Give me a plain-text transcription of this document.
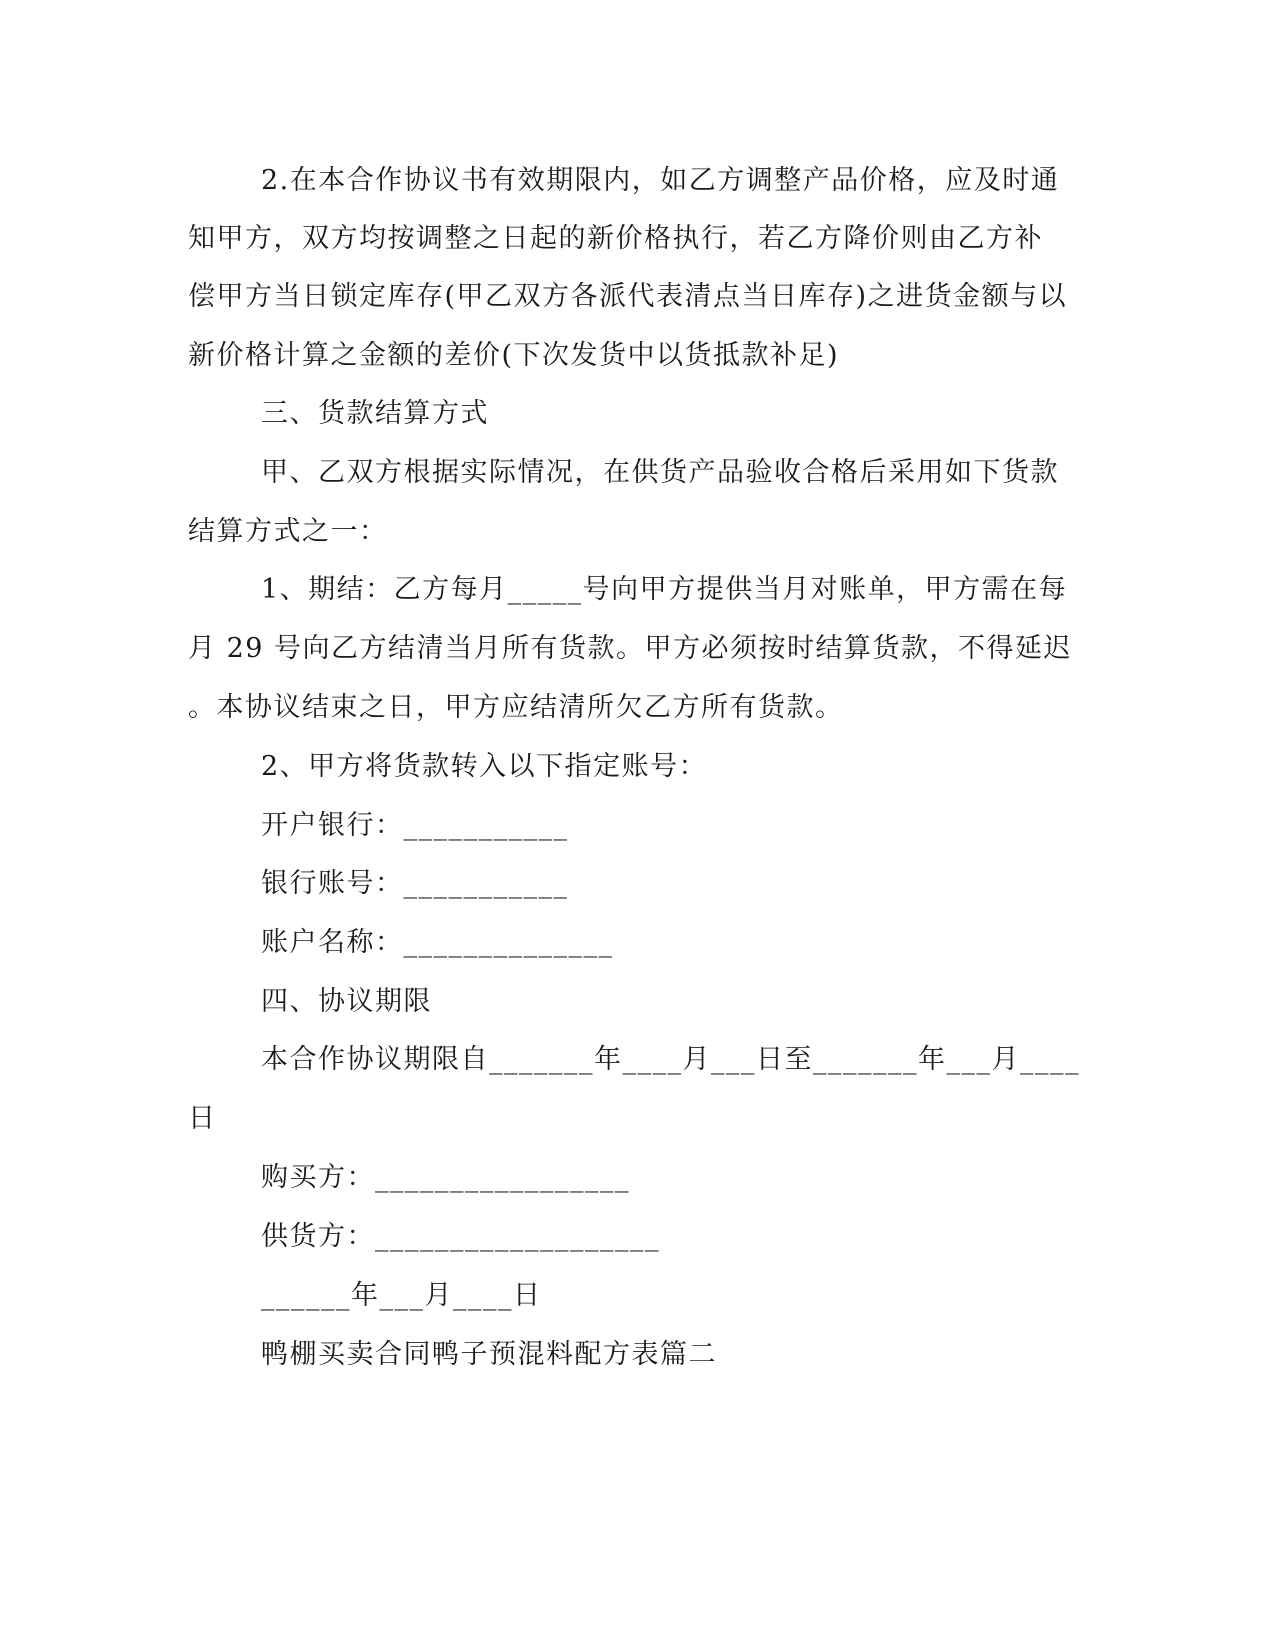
2.在本合作协议书有效期限内，如乙方调整产品价格，应及时通
知甲方，双方均按调整之日起的新价格执行，若乙方降价则由乙方补
偿甲方当日锁定库存(甲乙双方各派代表清点当日库存)之进货金额与以
新价格计算之金额的差价(下次发货中以货抵款补足)
三、货款结算方式
甲、乙双方根据实际情况，在供货产品验收合格后采用如下货款
结算方式之一：
1、期结：乙方每月_____号向甲方提供当月对账单，甲方需在每
月 29 号向乙方结清当月所有货款。甲方必须按时结算货款，不得延迟
。本协议结束之日，甲方应结清所欠乙方所有货款。
2、甲方将货款转入以下指定账号：
开户银行：___________
银行账号：___________
账户名称：______________
四、协议期限
本合作协议期限自_______年____月___日至_______年___月____
日
购买方：_________________
供货方：___________________
______年___月____日
鸭棚买卖合同鸭子预混料配方表篇二
